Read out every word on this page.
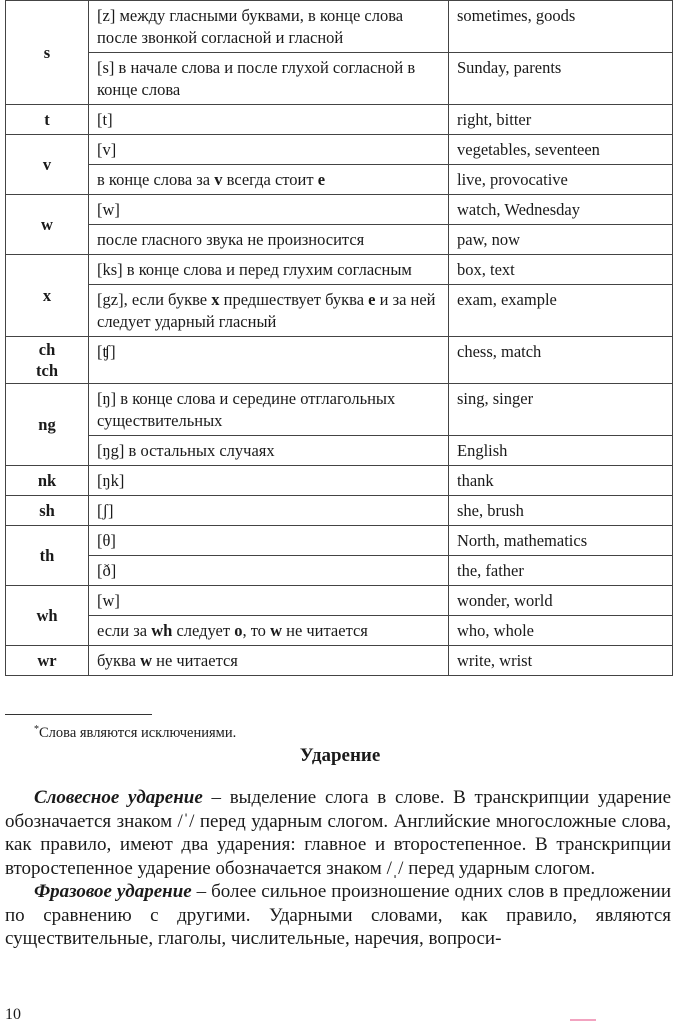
s	[z] между гласными буквами, в конце слова после звонкой согласной и гласной	sometimes, goods
	[s] в начале слова и после глухой согласной в конце слова	Sunday, parents

t	[t]	right, bitter

v	[v]	vegetables, seventeen
	в конце слова за v всегда стоит e	live, provocative

w	[w]	watch, Wednesday
	после гласного звука не произносится	paw, now

x	[ks] в конце слова и перед глухим согласным	box, text
	[gz], если букве x предшествует буква e и за ней следует ударный гласный	exam, example

ch
tch	[ʧ]	chess, match

ng	[ŋ] в конце слова и середине отглагольных существительных	sing, singer
	[ŋg] в остальных случаях	English

nk	[ŋk]	thank

sh	[ʃ]	she, brush

th	[θ]	North, mathematics
	[ð]	the, father

wh	[w]	wonder, world
	если за wh следует o, то w не читается	who, whole

wr	буква w не читается	write, wrist
*Слова являются исключениями.
Ударение

Словесное ударение – выделение слога в слове. В транскрипции ударение обозначается знаком /ˈ/ перед ударным слогом. Английские многосложные слова, как правило, имеют два ударения: главное и второстепенное. В транскрипции второстепенное ударение обозначается знаком /ˌ/ перед ударным слогом.

Фразовое ударение – более сильное произношение одних слов в предложении по сравнению с другими. Ударными словами, как правило, являются существительные, глаголы, числительные, наречия, вопроси-

10
